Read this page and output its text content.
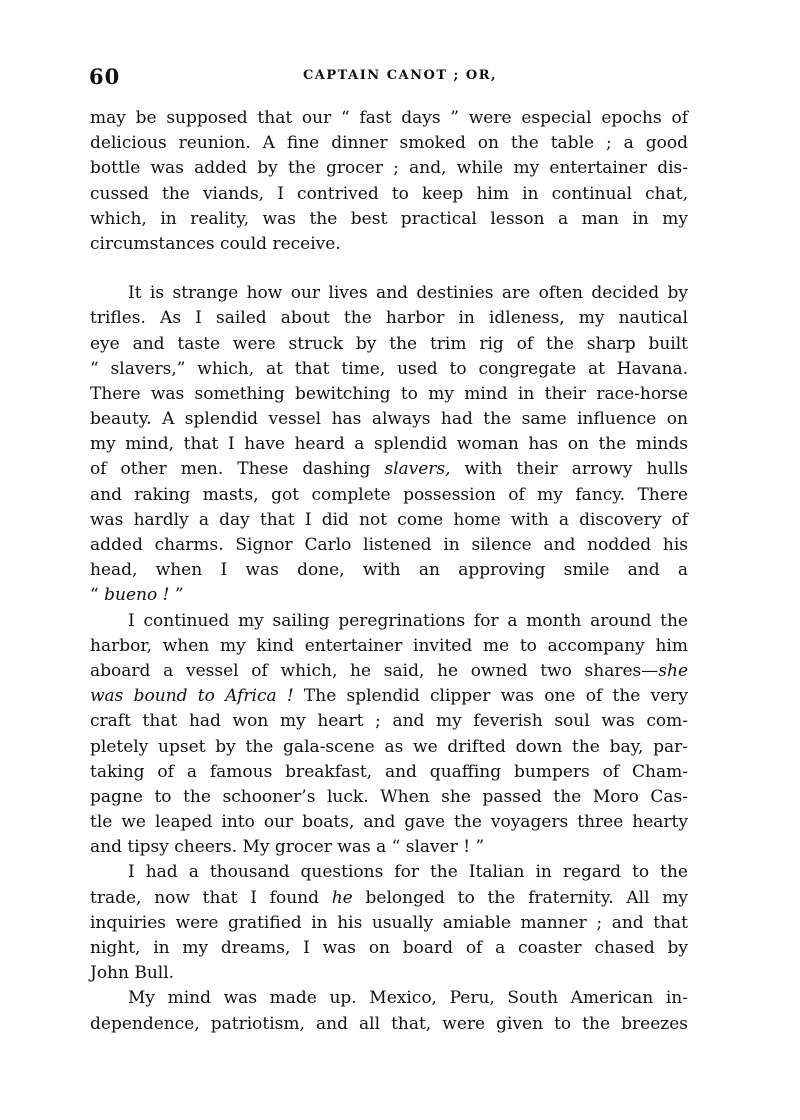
60	CAPTAIN CANOT ; OR,
may be supposed that our “ fast days ” were especial epochs of
delicious reunion. A fine dinner smoked on the table ; a good
bottle was added by the grocer ; and, while my entertainer dis-
cussed the viands, I contrived to keep him in continual chat,
which, in reality, was the best practical lesson a man in my
circumstances could receive.
It is strange how our lives and destinies are often decided by
trifles. As I sailed about the harbor in idleness, my nautical
eye and taste were struck by the trim rig of the sharp built
“ slavers,” which, at that time, used to congregate at Havana.
There was something bewitching to my mind in their race-horse
beauty. A splendid vessel has always had the same influence on
my mind, that I have heard a splendid woman has on the minds
of other men. These dashing slavers, with their arrowy hulls
and raking masts, got complete possession of my fancy. There
was hardly a day that I did not come home with a discovery of
added charms. Signor Carlo listened in silence and nodded his
head, when I was done, with an approving smile and a
“ bueno ! ”
I continued my sailing peregrinations for a month around the
harbor, when my kind entertainer invited me to accompany him
aboard a vessel of which, he said, he owned two shares—she
was bound to Africa ! The splendid clipper was one of the very
craft that had won my heart ; and my feverish soul was com-
pletely upset by the gala-scene as we drifted down the bay, par-
taking of a famous breakfast, and quaffing bumpers of Cham-
pagne to the schooner’s luck. When she passed the Moro Cas-
tle we leaped into our boats, and gave the voyagers three hearty
and tipsy cheers. My grocer was a “ slaver ! ”
I had a thousand questions for the Italian in regard to the
trade, now that I found he belonged to the fraternity. All my
inquiries were gratified in his usually amiable manner ; and that
night, in my dreams, I was on board of a coaster chased by
John Bull.
My mind was made up. Mexico, Peru, South American in-
dependence, patriotism, and all that, were given to the breezes
